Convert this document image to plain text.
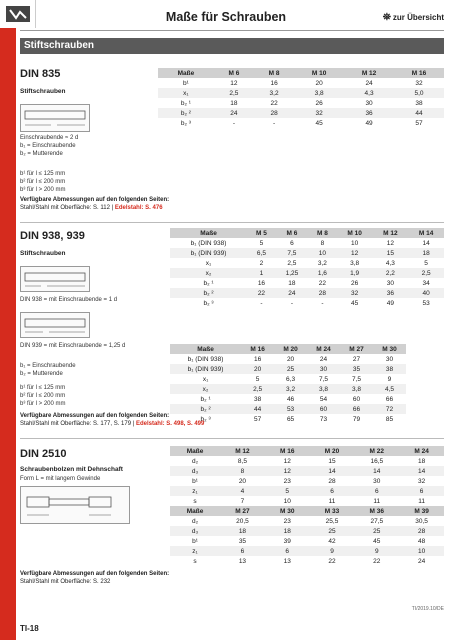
Maße für Schrauben	⛯ zur Übersicht
Stiftschrauben
DIN 835
Stiftschrauben
Einschraubende ≈ 2 d
b₁ = Einschraubende
b₂ = Mutterende
b¹ für l ≤ 125 mm
b² für l ≤ 200 mm
b³ für l > 200 mm
Maße	M 6	M 8	M 10	M 12	M 16
b¹	12	16	20	24	32
x₁	2,5	3,2	3,8	4,3	5,0
b₂ ¹	18	22	26	30	38
b₂ ²	24	28	32	36	44
b₂ ³	-	-	45	49	57
Verfügbare Abmessungen auf den folgenden Seiten:
Stahl/Stahl mit Oberfläche: S. 112 | Edelstahl: S. 476
DIN 938, 939
Stiftschrauben
DIN 938 = mit Einschraubende = 1 d
DIN 939 = mit Einschraubende = 1,25 d
b₁ = Einschraubende
b₂ = Mutterende
b¹ für l ≤ 125 mm
b² für l ≤ 200 mm
b³ für l > 200 mm
Maße	M 5	M 6	M 8	M 10	M 12	M 14
b₁ (DIN 938)	5	6	8	10	12	14
b₁ (DIN 939)	6,5	7,5	10	12	15	18
x₁	2	2,5	3,2	3,8	4,3	5
x₂	1	1,25	1,6	1,9	2,2	2,5
b₂ ¹	16	18	22	26	30	34
b₂ ²	22	24	28	32	36	40
b₂ ³	-	-	-	45	49	53
Maße	M 16	M 20	M 24	M 27	M 30
b₁ (DIN 938)	16	20	24	27	30
b₁ (DIN 939)	20	25	30	35	38
x₁	5	6,3	7,5	7,5	9
x₂	2,5	3,2	3,8	3,8	4,5
b₂ ¹	38	46	54	60	66
b₂ ²	44	53	60	66	72
b₂ ³	57	65	73	79	85
Verfügbare Abmessungen auf den folgenden Seiten:
Stahl/Stahl mit Oberfläche: S. 177, S. 179 | Edelstahl: S. 498, S. 499
DIN 2510
Schraubenbolzen mit Dehnschaft
Form L = mit langem Gewinde
Maße	M 12	M 16	M 20	M 22	M 24
d₂	8,5	12	15	16,5	18
d₃	8	12	14	14	14
b¹	20	23	28	30	32
z₁	4	5	6	6	6
s	7	10	11	11	11
Maße	M 27	M 30	M 33	M 36	M 39
d₂	20,5	23	25,5	27,5	30,5
d₃	18	18	25	25	28
b¹	35	39	42	45	48
z₁	6	6	9	9	10
s	13	13	22	22	24
Verfügbare Abmessungen auf den folgenden Seiten:
Stahl/Stahl mit Oberfläche: S. 232
TI/2019.10/DE
TI-18
